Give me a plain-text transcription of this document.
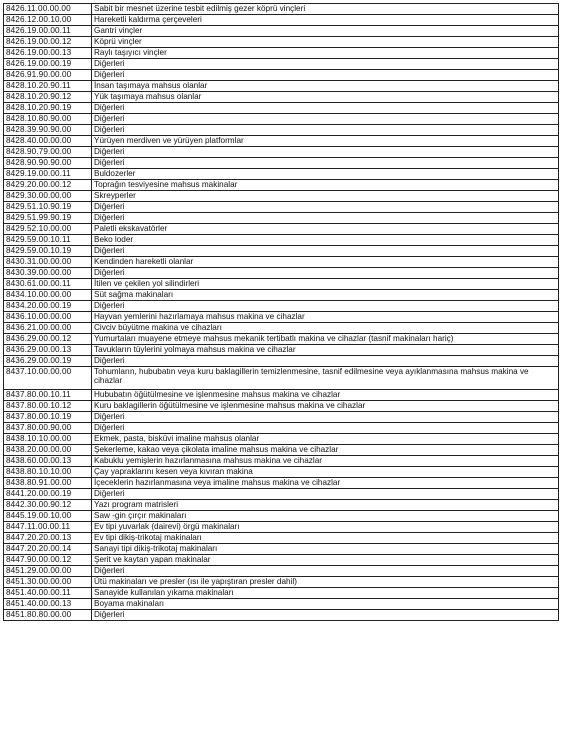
8426.11.00.00.00	Sabit bir mesnet üzerine tesbit edilmiş gezer köprü vinçleri
8426.12.00.10.00	Hareketli kaldırma çerçeveleri
8426.19.00.00.11	Gantri vinçler
8426.19.00.00.12	Köprü vinçler
8426.19.00.00.13	Raylı taşıyıcı vinçler
8426.19.00.00.19	Diğerleri
8426.91.90.00.00	Diğerleri
8428.10.20.90.11	İnsan taşımaya mahsus olanlar
8428.10.20.90.12	Yük taşımaya mahsus olanlar
8428.10.20.90.19	Diğerleri
8428.10.80.90.00	Diğerleri
8428.39.90.90.00	Diğerleri
8428.40.00.00.00	Yürüyen merdiven ve yürüyen platformlar
8428.90.79.00.00	Diğerleri
8428.90.90.90.00	Diğerleri
8429.19.00.00.11	Buldozerler
8429.20.00.00.12	Toprağın tesviyesine mahsus makinalar
8429.30.00.00.00	Skreyperler
8429.51.10.90.19	Diğerleri
8429.51.99.90.19	Diğerleri
8429.52.10.00.00	Paletli ekskavatörler
8429.59.00.10.11	Beko loder
8429.59.00.10.19	Diğerleri
8430.31.00.00.00	Kendinden hareketli olanlar
8430.39.00.00.00	Diğerleri
8430.61.00.00.11	İtilen ve çekilen yol silindirleri
8434.10.00.00.00	Süt sağma makinaları
8434.20.00.00.19	Diğerleri
8436.10.00.00.00	Hayvan yemlerini hazırlamaya mahsus makina ve cihazlar
8436.21.00.00.00	Civciv büyütme makina ve cihazları
8436.29.00.00.12	Yumurtaları muayene etmeye mahsus mekanik tertibatlı makina ve cihazlar (tasnif makinaları hariç)
8436.29.00.00.13	Tavukların tüylerini yolmaya mahsus makina ve cihazlar
8436.29.00.00.19	Diğerleri
8437.10.00.00.00	Tohumların, hububatın veya kuru baklagillerin temizlenmesine, tasnif edilmesine veya ayıklanmasına mahsus makina ve cihazlar
8437.80.00.10.11	Hububatın öğütülmesine ve işlenmesine mahsus makina ve cihazlar
8437.80.00.10.12	Kuru baklagillerin öğütülmesine ve işlenmesine mahsus makina ve cihazlar
8437.80.00.10.19	Diğerleri
8437.80.00.90.00	Diğerleri
8438.10.10.00.00	Ekmek, pasta, bisküvi imaline mahsus olanlar
8438.20.00.00.00	Şekerleme, kakao veya çikolata imaline mahsus makina ve cihazlar
8438.60.00.00.13	Kabuklu yemişlerin hazırlanmasına mahsus makina ve cihazlar
8438.80.10.10.00	Çay yapraklarını kesen veya kıvıran makina
8438.80.91.00.00	İçeceklerin hazırlanmasına veya imaline mahsus makina ve cihazlar
8441.20.00.00.19	Diğerleri
8442.30.00.90.12	Yazı program matrisleri
8445.19.00.10.00	Saw -gin çırçır makinaları
8447.11.00.00.11	Ev tipi yuvarlak (dairevi) örgü makinaları
8447.20.20.00.13	Ev tipi dikiş-trikotaj makinaları
8447.20.20.00.14	Sanayi tipi dikiş-trikotaj makinaları
8447.90.00.00.12	Şerit ve kaytan yapan makinalar
8451.29.00.00.00	Diğerleri
8451.30.00.00.00	Ütü makinaları ve presler (ısı ile yapıştıran presler dahil)
8451.40.00.00.11	Sanayide kullanılan yıkama makinaları
8451.40.00.00.13	Boyama makinaları
8451.80.80.00.00	Diğerleri
